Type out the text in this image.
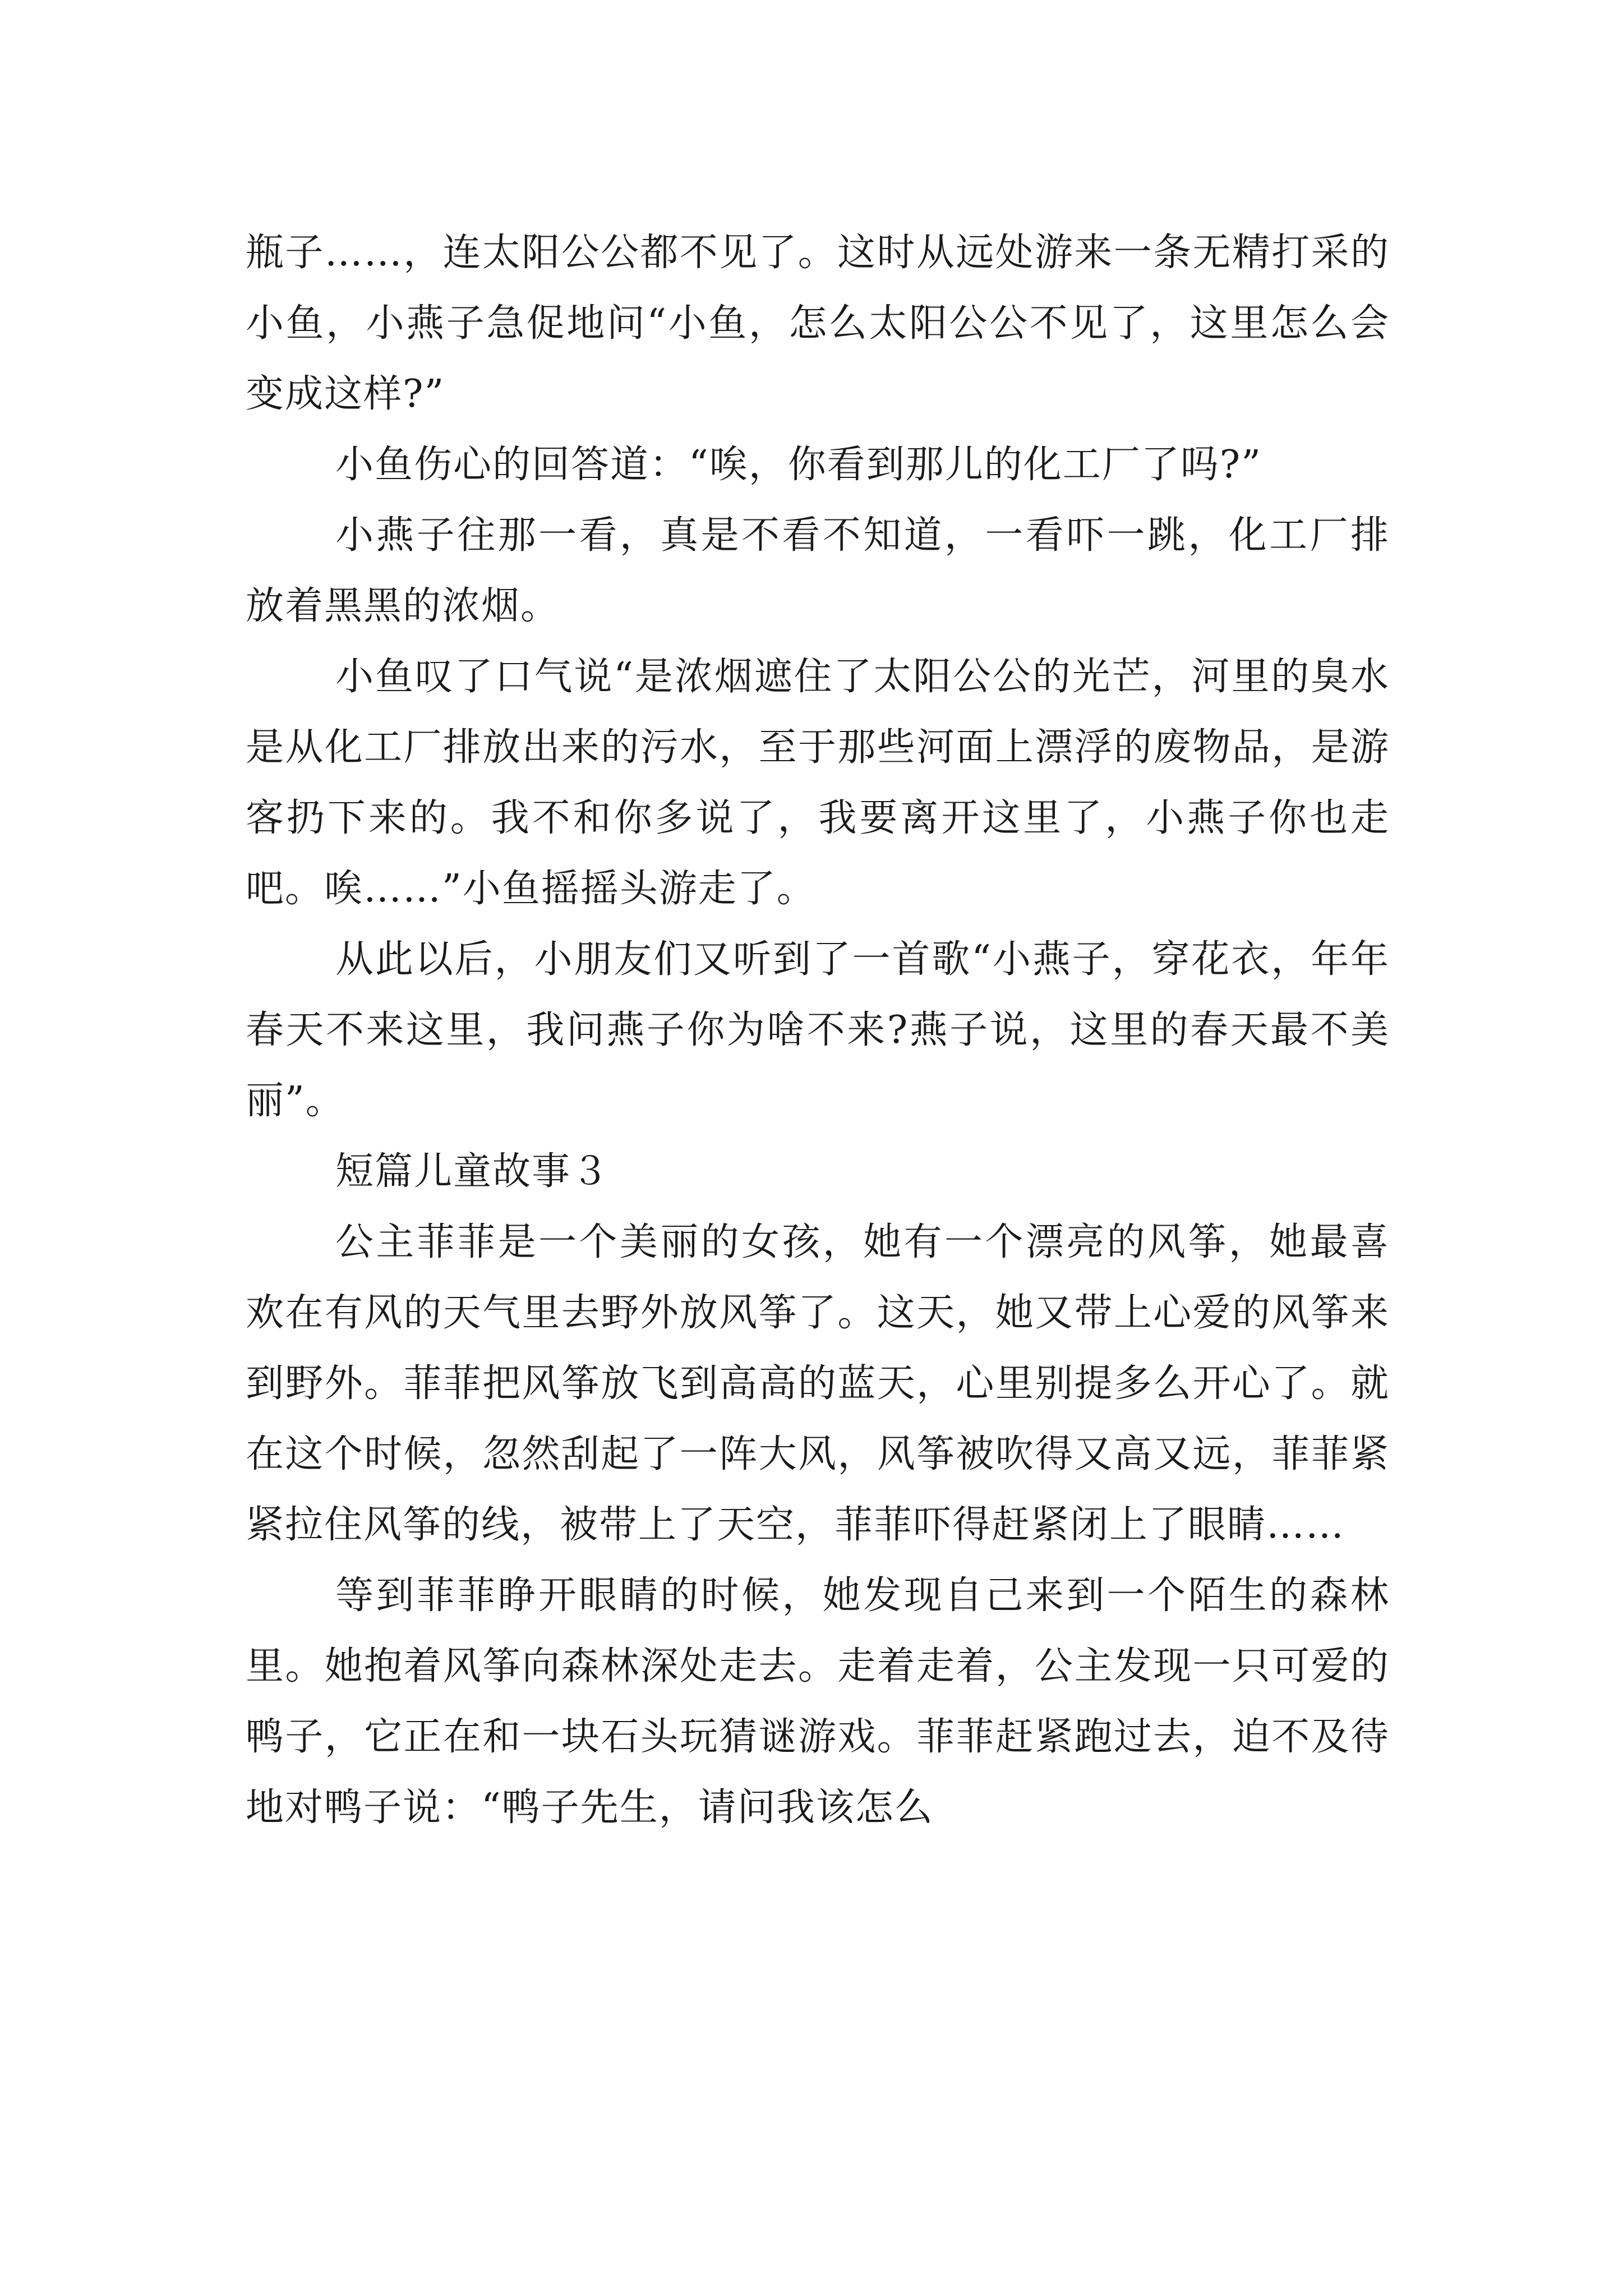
瓶子……，连太阳公公都不见了。这时从远处游来一条无精打采的小鱼，小燕子急促地问“小鱼，怎么太阳公公不见了，这里怎么会变成这样?”

小鱼伤心的回答道：“唉，你看到那儿的化工厂了吗?”

小燕子往那一看，真是不看不知道，一看吓一跳，化工厂排放着黑黑的浓烟。

小鱼叹了口气说“是浓烟遮住了太阳公公的光芒，河里的臭水是从化工厂排放出来的污水，至于那些河面上漂浮的废物品，是游客扔下来的。我不和你多说了，我要离开这里了，小燕子你也走吧。唉……”小鱼摇摇头游走了。

从此以后，小朋友们又听到了一首歌“小燕子，穿花衣，年年春天不来这里，我问燕子你为啥不来?燕子说，这里的春天最不美丽”。

短篇儿童故事３

公主菲菲是一个美丽的女孩，她有一个漂亮的风筝，她最喜欢在有风的天气里去野外放风筝了。这天，她又带上心爱的风筝来到野外。菲菲把风筝放飞到高高的蓝天，心里别提多么开心了。就在这个时候，忽然刮起了一阵大风，风筝被吹得又高又远，菲菲紧紧拉住风筝的线，被带上了天空，菲菲吓得赶紧闭上了眼睛……

等到菲菲睁开眼睛的时候，她发现自己来到一个陌生的森林里。她抱着风筝向森林深处走去。走着走着，公主发现一只可爱的鸭子，它正在和一块石头玩猜谜游戏。菲菲赶紧跑过去，迫不及待地对鸭子说：“鸭子先生，请问我该怎么
